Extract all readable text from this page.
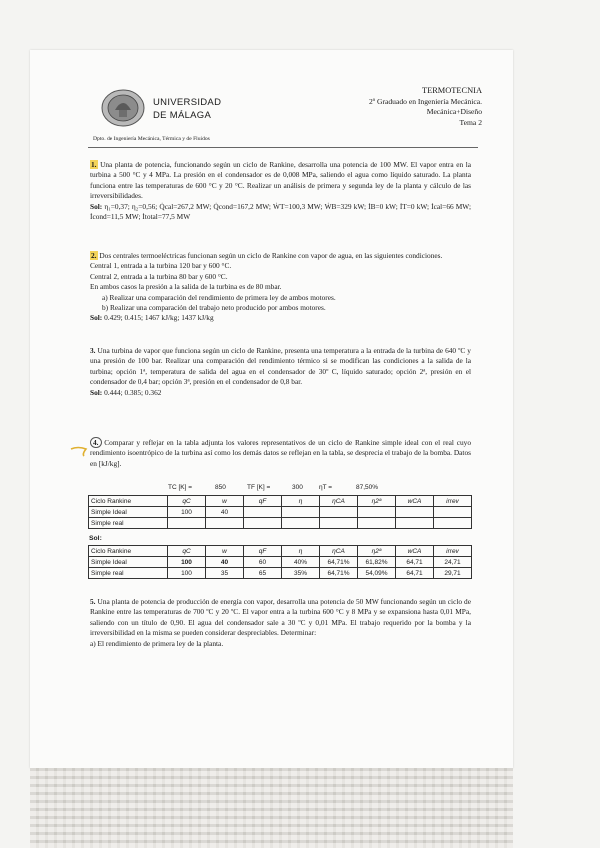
UNIVERSIDAD
DE MÁLAGA
TERMOTECNIA
2º Graduado en Ingeniería Mecánica.
Mecánica+Diseño
Tema 2
Dpto. de Ingeniería Mecánica, Térmica y de Fluidos

1. Una planta de potencia, funcionando según un ciclo de Rankine, desarrolla una potencia de 100 MW. El vapor entra en la turbina a 500 °C y 4 MPa. La presión en el condensador es de 0,008 MPa, saliendo el agua como líquido saturado. La planta funciona entre las temperaturas de 600 °C y 20 °C. Realizar un análisis de primera y segunda ley de la planta y cálculo de las irreversibilidades.

Sol: η₁=0,37; η₂=0,56; Q̇cal=267,2 MW; Q̇cond=167,2 MW; ẆT=100,3 MW; ẆB=329 kW; İB=0 kW; İT=0 kW; İcal=66 MW; İcond=11,5 MW; İtotal=77,5 MW

2. Dos centrales termoeléctricas funcionan según un ciclo de Rankine con vapor de agua, en las siguientes condiciones.

Central 1, entrada a la turbina 120 bar y 600 °C.

Central 2, entrada a la turbina 80 bar y 600 °C.

En ambos casos la presión a la salida de la turbina es de 80 mbar.

a) Realizar una comparación del rendimiento de primera ley de ambos motores.

b) Realizar una comparación del trabajo neto producido por ambos motores.

Sol: 0.429; 0.415; 1467 kJ/kg; 1437 kJ/kg

3. Una turbina de vapor que funciona según un ciclo de Rankine, presenta una temperatura a la entrada de la turbina de 640 ºC y una presión de 100 bar. Realizar una comparación del rendimiento térmico si se modifican las condiciones a la salida de la turbina; opción 1ª, temperatura de salida del agua en el condensador de 30º C, líquido saturado; opción 2ª, presión en el condensador de 0,4 bar; opción 3ª, presión en el condensador de 0,8 bar.

Sol: 0.444; 0.385; 0.362

4. Comparar y reflejar en la tabla adjunta los valores representativos de un ciclo de Rankine simple ideal con el real cuyo rendimiento isoentrópico de la turbina así como los demás datos se reflejan en la tabla, se desprecia el trabajo de la bomba. Datos en [kJ/kg].

TC [K] =	850	TF [K] =	300 ηT =	87,50%
Ciclo Rankine	qC	w	qF	η	ηCA	η2ª	wCA	irrev
Simple Ideal	100	40						
Simple real								
Sol:
Ciclo Rankine	qC	w	qF	η	ηCA	η2ª	wCA	irrev
Simple Ideal	100	40	60	40%	64,71%	61,82%	64,71	24,71
Simple real	100	35	65	35%	64,71%	54,09%	64,71	29,71

5. Una planta de potencia de producción de energía con vapor, desarrolla una potencia de 50 MW funcionando según un ciclo de Rankine entre las temperaturas de 700 ºC y 20 ºC. El vapor entra a la turbina 600 °C y 8 MPa y se expansiona hasta 0,01 MPa, saliendo con un título de 0,90. El agua del condensador sale a 30 ºC y 0,01 MPa. El trabajo requerido por la bomba y la irreversibilidad en la misma se pueden considerar despreciables. Determinar:

a) El rendimiento de primera ley de la planta.
